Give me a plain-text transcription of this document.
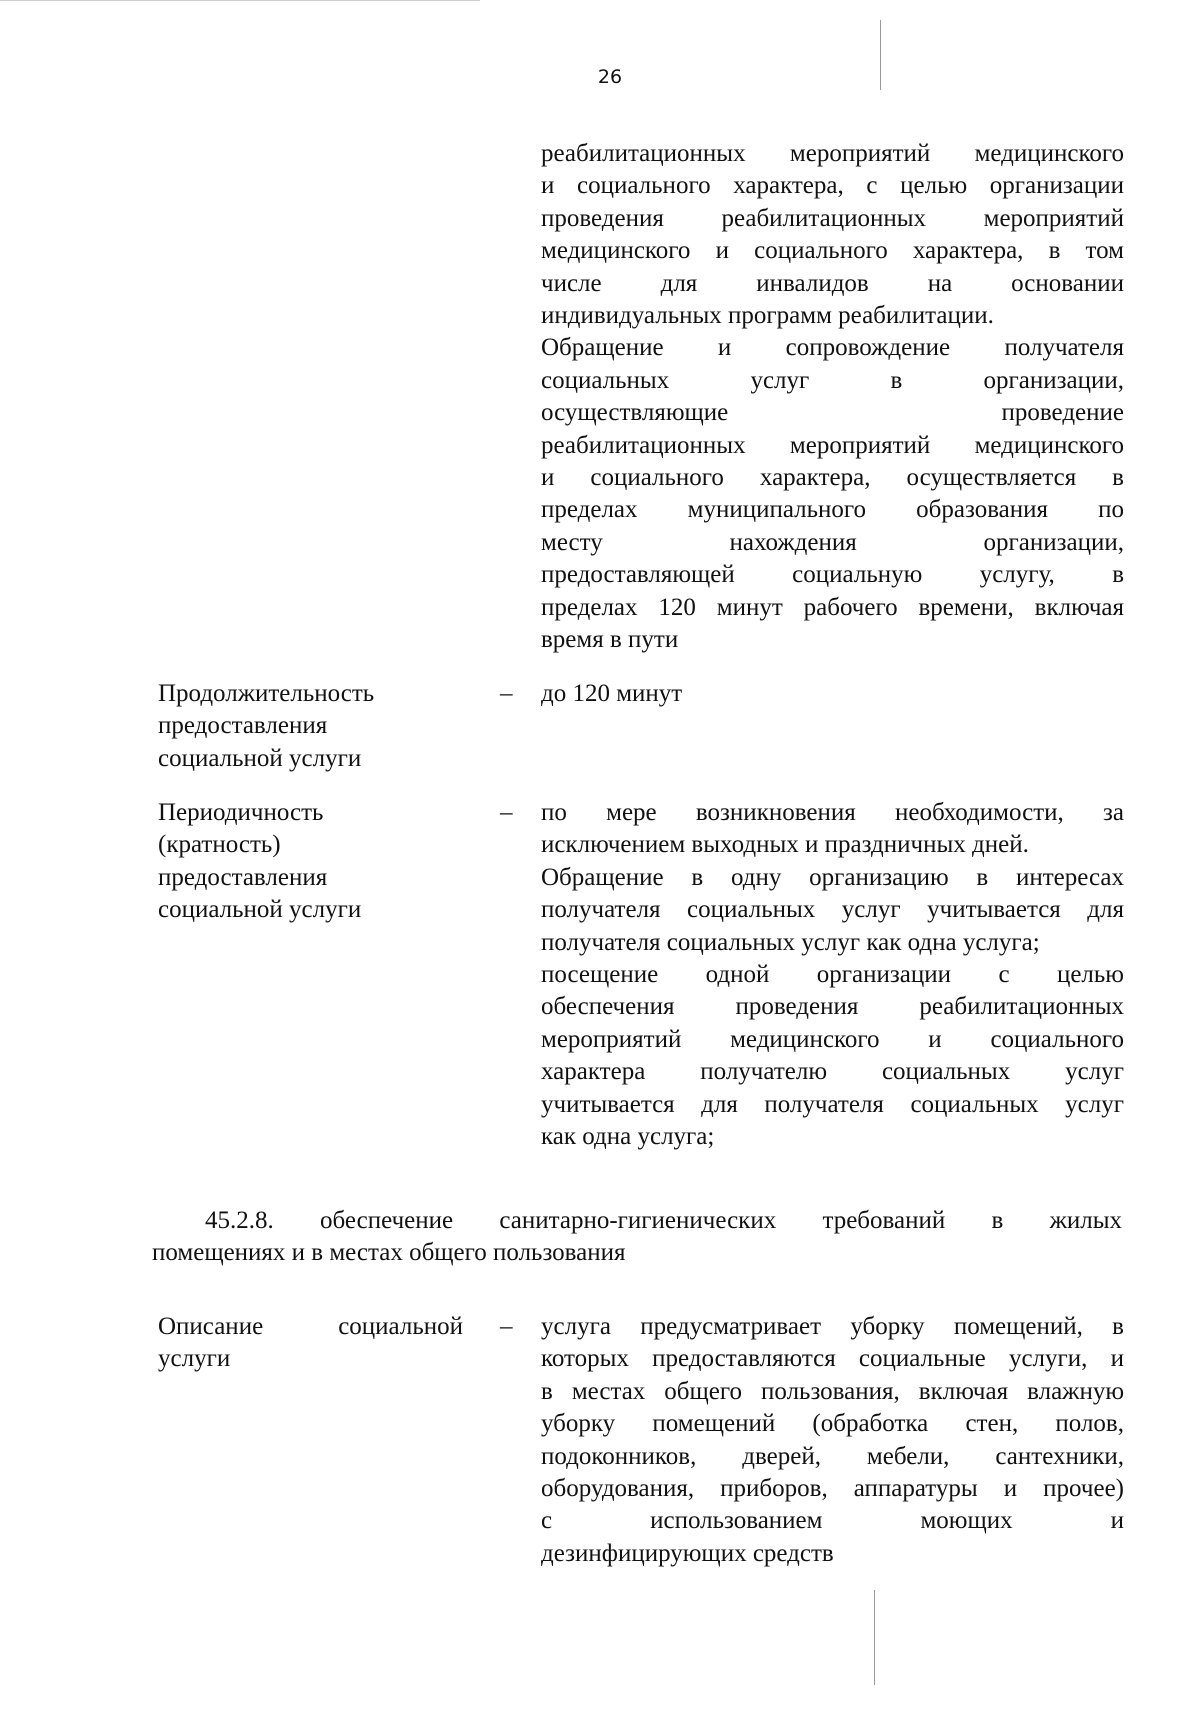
26

реабилитационных мероприятий медицинского

и социального характера, с целью организации

проведения реабилитационных мероприятий

медицинского и социального характера, в том

числе для инвалидов на основании

индивидуальных программ реабилитации.

Обращение и сопровождение получателя

социальных услуг в организации,

осуществляющие проведение

реабилитационных мероприятий медицинского

и социального характера, осуществляется в

пределах муниципального образования по

месту нахождения организации,

предоставляющей социальную услугу, в

пределах 120 минут рабочего времени, включая

время в пути

Продолжительность
предоставления
социальной услуги
– до 120 минут

Периодичность
(кратность)
предоставления
социальной услуги
– по мере возникновения необходимости, за

исключением выходных и праздничных дней.

Обращение в одну организацию в интересах

получателя социальных услуг учитывается для

получателя социальных услуг как одна услуга;

посещение одной организации с целью

обеспечения проведения реабилитационных

мероприятий медицинского и социального

характера получателю социальных услуг

учитывается для получателя социальных услуг

как одна услуга;

45.2.8. обеспечение санитарно-гигиенических требований в жилых
помещениях и в местах общего пользования
Описание социальной
услуги
– услуга предусматривает уборку помещений, в

которых предоставляются социальные услуги, и

в местах общего пользования, включая влажную

уборку помещений (обработка стен, полов,

подоконников, дверей, мебели, сантехники,

оборудования, приборов, аппаратуры и прочее)

с использованием моющих и

дезинфицирующих средств
